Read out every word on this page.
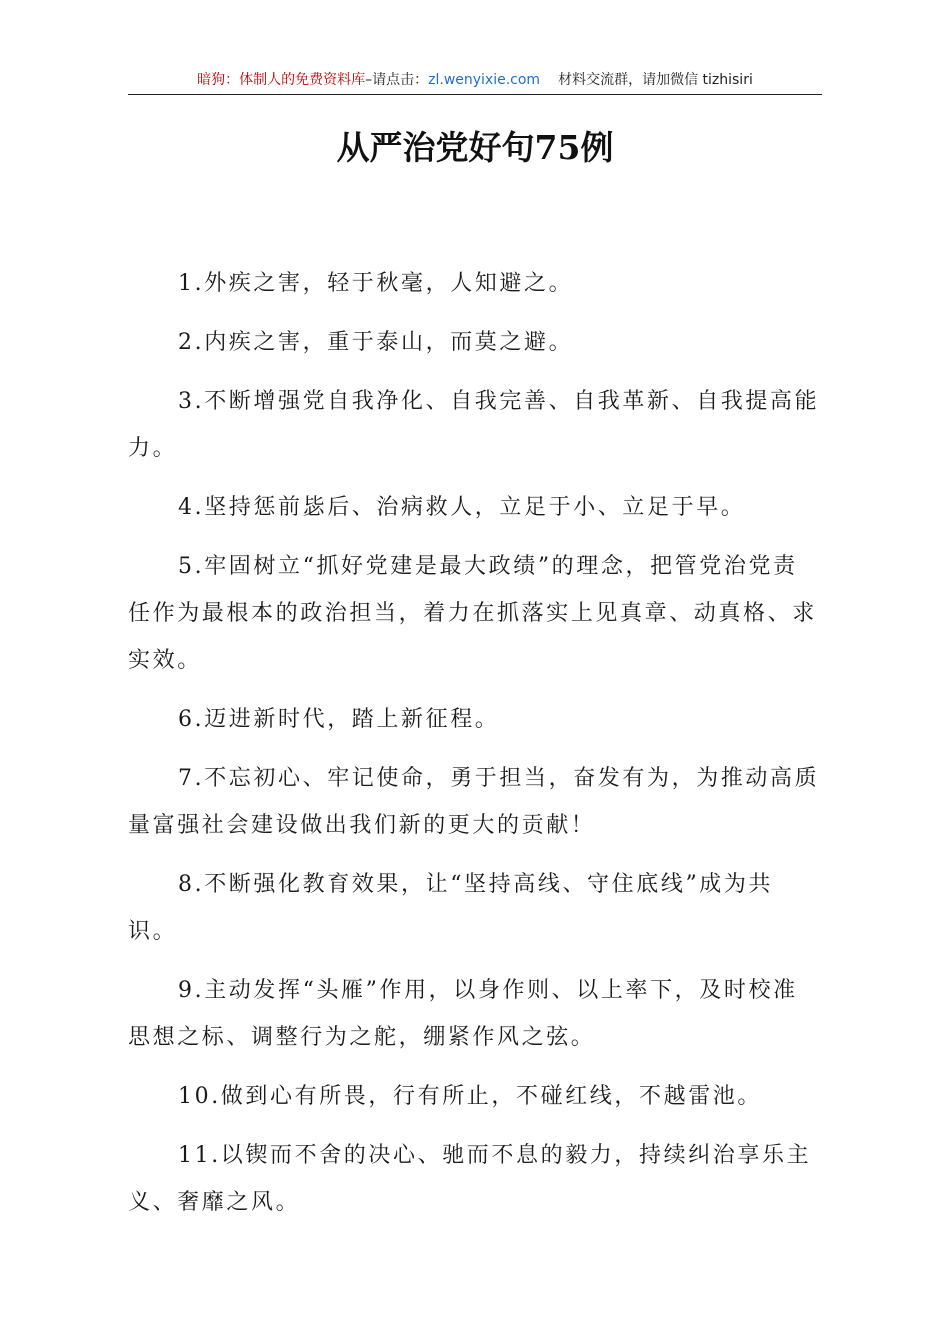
暗狗：体制人的免费资料库–请点击：zl.wenyixie.com 材料交流群，请加微信 tizhisiri
从严治党好句75例

1.外疾之害，轻于秋毫，人知避之。

2.内疾之害，重于泰山，而莫之避。

3.不断增强党自我净化、自我完善、自我革新、自我提高能力。

4.坚持惩前毖后、治病救人，立足于小、立足于早。

5.牢固树立“抓好党建是最大政绩”的理念，把管党治党责任作为最根本的政治担当，着力在抓落实上见真章、动真格、求实效。

6.迈进新时代，踏上新征程。

7.不忘初心、牢记使命，勇于担当，奋发有为，为推动高质量富强社会建设做出我们新的更大的贡献！

8.不断强化教育效果，让“坚持高线、守住底线”成为共识。

9.主动发挥“头雁”作用，以身作则、以上率下，及时校准思想之标、调整行为之舵，绷紧作风之弦。

10.做到心有所畏，行有所止，不碰红线，不越雷池。

11.以锲而不舍的决心、驰而不息的毅力，持续纠治享乐主义、奢靡之风。
